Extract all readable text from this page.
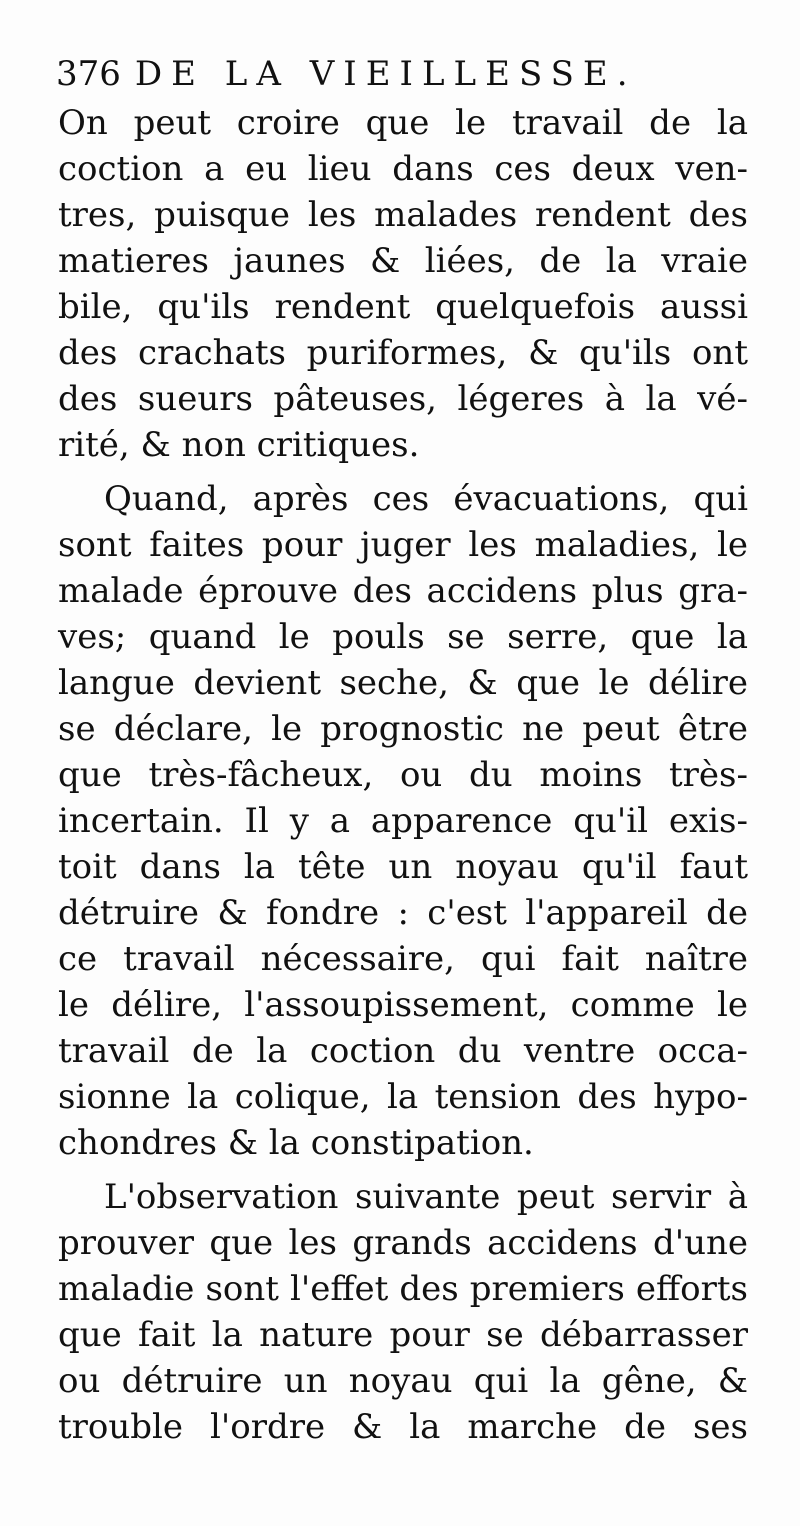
376 DE LA VIEILLESSE.
On peut croire que le travail de la
coction a eu lieu dans ces deux ven-
tres, puisque les malades rendent des
matieres jaunes & liées, de la vraie
bile, qu'ils rendent quelquefois aussi
des crachats puriformes, & qu'ils ont
des sueurs pâteuses, légeres à la vé-
rité, & non critiques.
Quand, après ces évacuations, qui
sont faites pour juger les maladies, le
malade éprouve des accidens plus gra-
ves; quand le pouls se serre, que la
langue devient seche, & que le délire
se déclare, le prognostic ne peut être
que très-fâcheux, ou du moins très-
incertain. Il y a apparence qu'il exis-
toit dans la tête un noyau qu'il faut
détruire & fondre : c'est l'appareil de
ce travail nécessaire, qui fait naître
le délire, l'assoupissement, comme le
travail de la coction du ventre occa-
sionne la colique, la tension des hypo-
chondres & la constipation.
L'observation suivante peut servir à
prouver que les grands accidens d'une
maladie sont l'effet des premiers efforts
que fait la nature pour se débarrasser
ou détruire un noyau qui la gêne, &
trouble l'ordre & la marche de ses
